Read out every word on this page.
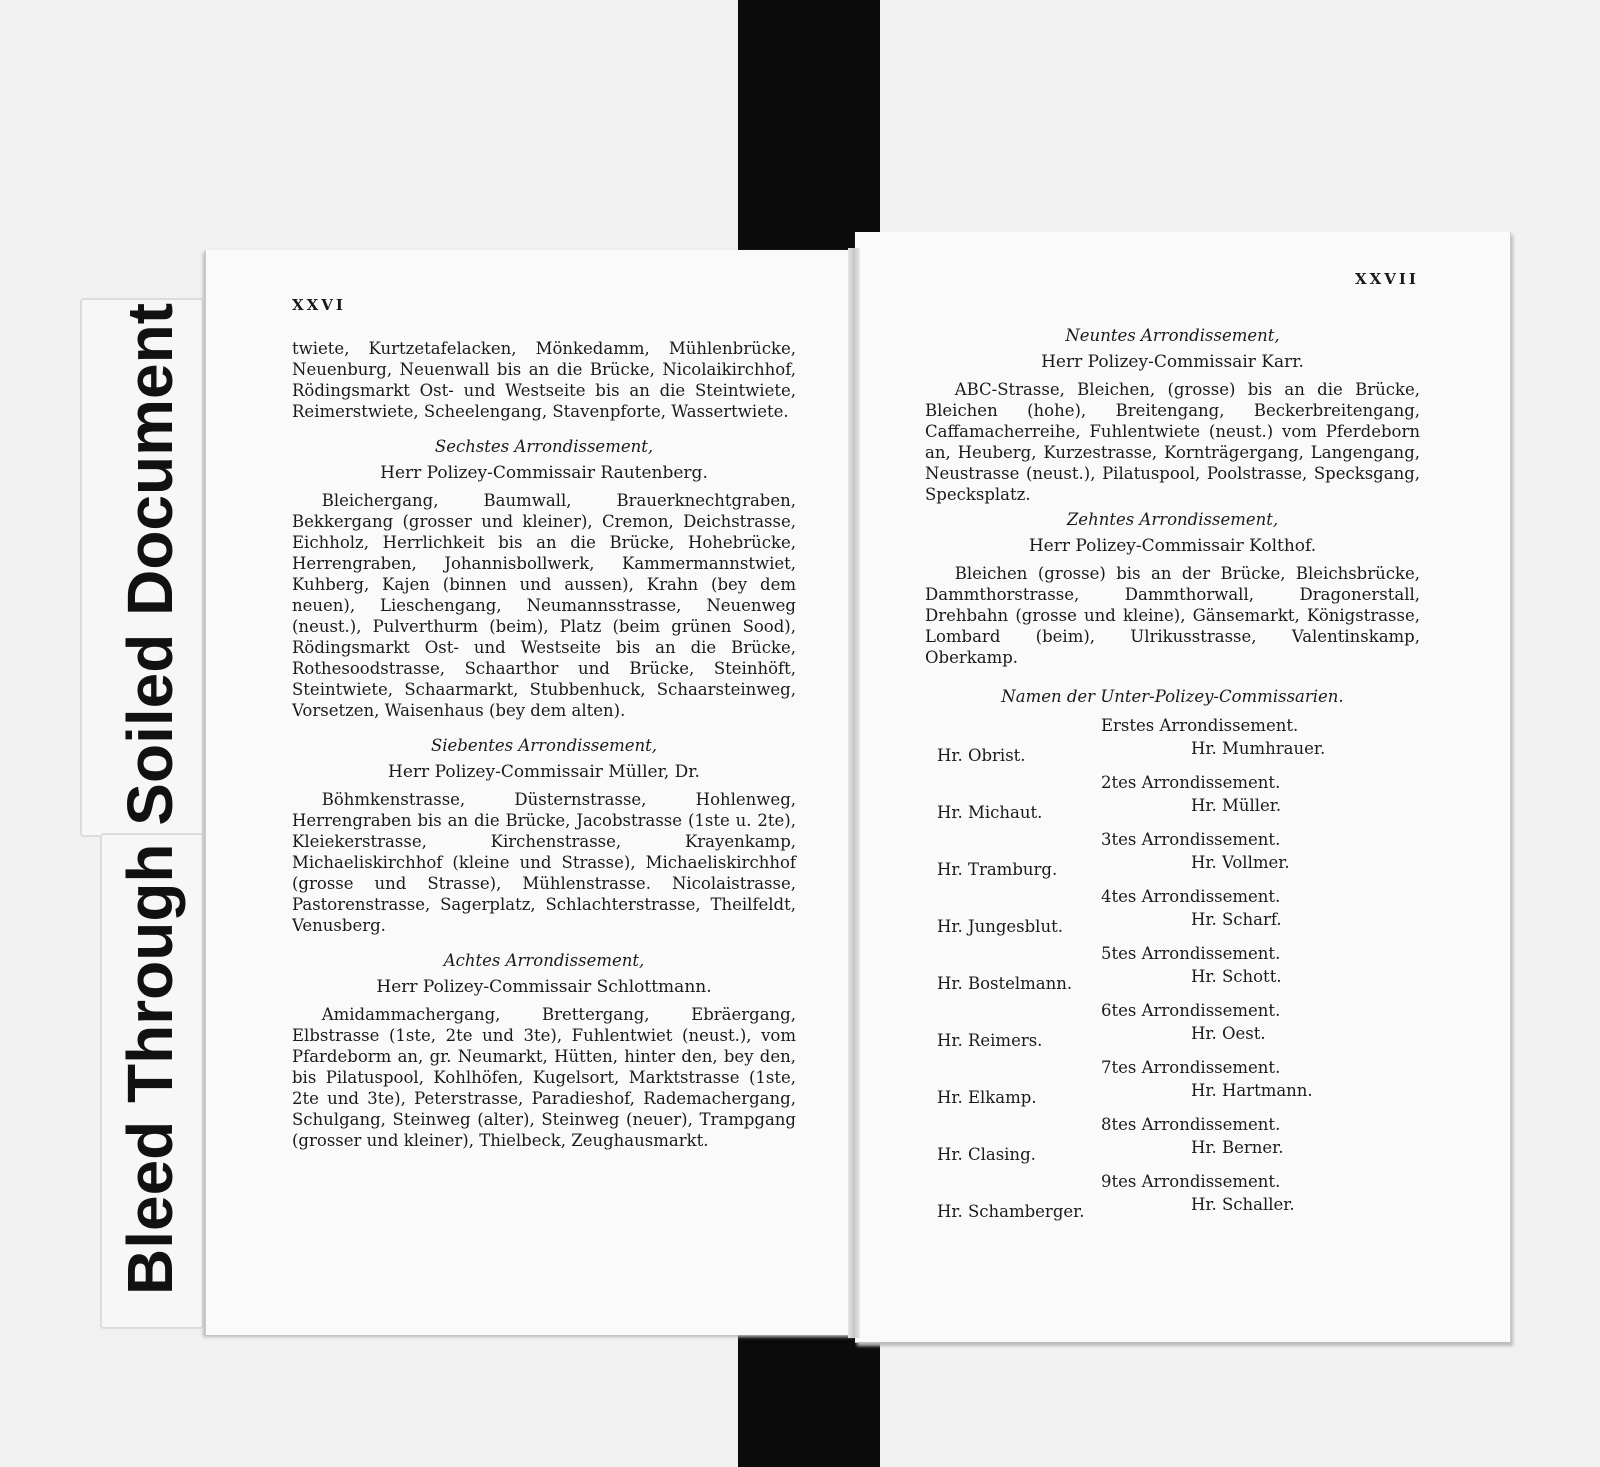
Bleed Through Soiled Document	XXVI
XXVII

twiete, Kurtzetafelacken, Mönkedamm, Mühlenbrücke, Neuenburg, Neuenwall bis an die Brücke, Nicolaikirchhof, Rödingsmarkt Ost- und Westseite bis an die Steintwiete, Reimerstwiete, Scheelengang, Stavenpforte, Wassertwiete.

Sechstes Arrondissement,
Herr Polizey-Commissair Rautenberg.

Bleichergang, Baumwall, Brauerknechtgraben, Bekkergang (grosser und kleiner), Cremon, Deichstrasse, Eichholz, Herrlichkeit bis an die Brücke, Hohebrücke, Herrengraben, Johannisbollwerk, Kammermannstwiet, Kuhberg, Kajen (binnen und aussen), Krahn (bey dem neuen), Lieschengang, Neumannsstrasse, Neuenweg (neust.), Pulverthurm (beim), Platz (beim grünen Sood), Rödingsmarkt Ost- und Westseite bis an die Brücke, Rothesoodstrasse, Schaarthor und Brücke, Steinhöft, Steintwiete, Schaarmarkt, Stubbenhuck, Schaarsteinweg, Vorsetzen, Waisenhaus (bey dem alten).

Siebentes Arrondissement,
Herr Polizey-Commissair Müller, Dr.

Böhmkenstrasse, Düsternstrasse, Hohlenweg, Herrengraben bis an die Brücke, Jacobstrasse (1ste u. 2te), Kleiekerstrasse, Kirchenstrasse, Krayenkamp, Michaeliskirchhof (kleine und Strasse), Michaeliskirchhof (grosse und Strasse), Mühlenstrasse. Nicolaistrasse, Pastorenstrasse, Sagerplatz, Schlachterstrasse, Theilfeldt, Venusberg.

Achtes Arrondissement,
Herr Polizey-Commissair Schlottmann.

Amidammachergang, Brettergang, Ebräergang, Elbstrasse (1ste, 2te und 3te), Fuhlentwiet (neust.), vom Pfardeborm an, gr. Neumarkt, Hütten, hinter den, bey den, bis Pilatuspool, Kohlhöfen, Kugelsort, Marktstrasse (1ste, 2te und 3te), Peterstrasse, Paradieshof, Rademachergang, Schulgang, Steinweg (alter), Steinweg (neuer), Trampgang (grosser und kleiner), Thielbeck, Zeughausmarkt.

Neuntes Arrondissement,
Herr Polizey-Commissair Karr.

ABC-Strasse, Bleichen, (grosse) bis an die Brücke, Bleichen (hohe), Breitengang, Beckerbreitengang, Caffamacherreihe, Fuhlentwiete (neust.) vom Pferdeborn an, Heuberg, Kurzestrasse, Kornträgergang, Langengang, Neustrasse (neust.), Pilatuspool, Poolstrasse, Specksgang, Specksplatz.

Zehntes Arrondissement,
Herr Polizey-Commissair Kolthof.

Bleichen (grosse) bis an der Brücke, Bleichsbrücke, Dammthorstrasse, Dammthorwall, Dragonerstall, Drehbahn (grosse und kleine), Gänsemarkt, Königstrasse, Lombard (beim), Ulrikusstrasse, Valentinskamp, Oberkamp.

Namen der Unter-Polizey-Commissarien.
Erstes Arrondissement.
Hr. Obrist.	Hr. Mumhrauer.
2tes Arrondissement.
Hr. Michaut.	Hr. Müller.
3tes Arrondissement.
Hr. Tramburg.	Hr. Vollmer.
4tes Arrondissement.
Hr. Jungesblut.	Hr. Scharf.
5tes Arrondissement.
Hr. Bostelmann.	Hr. Schott.
6tes Arrondissement.
Hr. Reimers.	Hr. Oest.
7tes Arrondissement.
Hr. Elkamp.	Hr. Hartmann.
8tes Arrondissement.
Hr. Clasing.	Hr. Berner.
9tes Arrondissement.
Hr. Schamberger.	Hr. Schaller.
